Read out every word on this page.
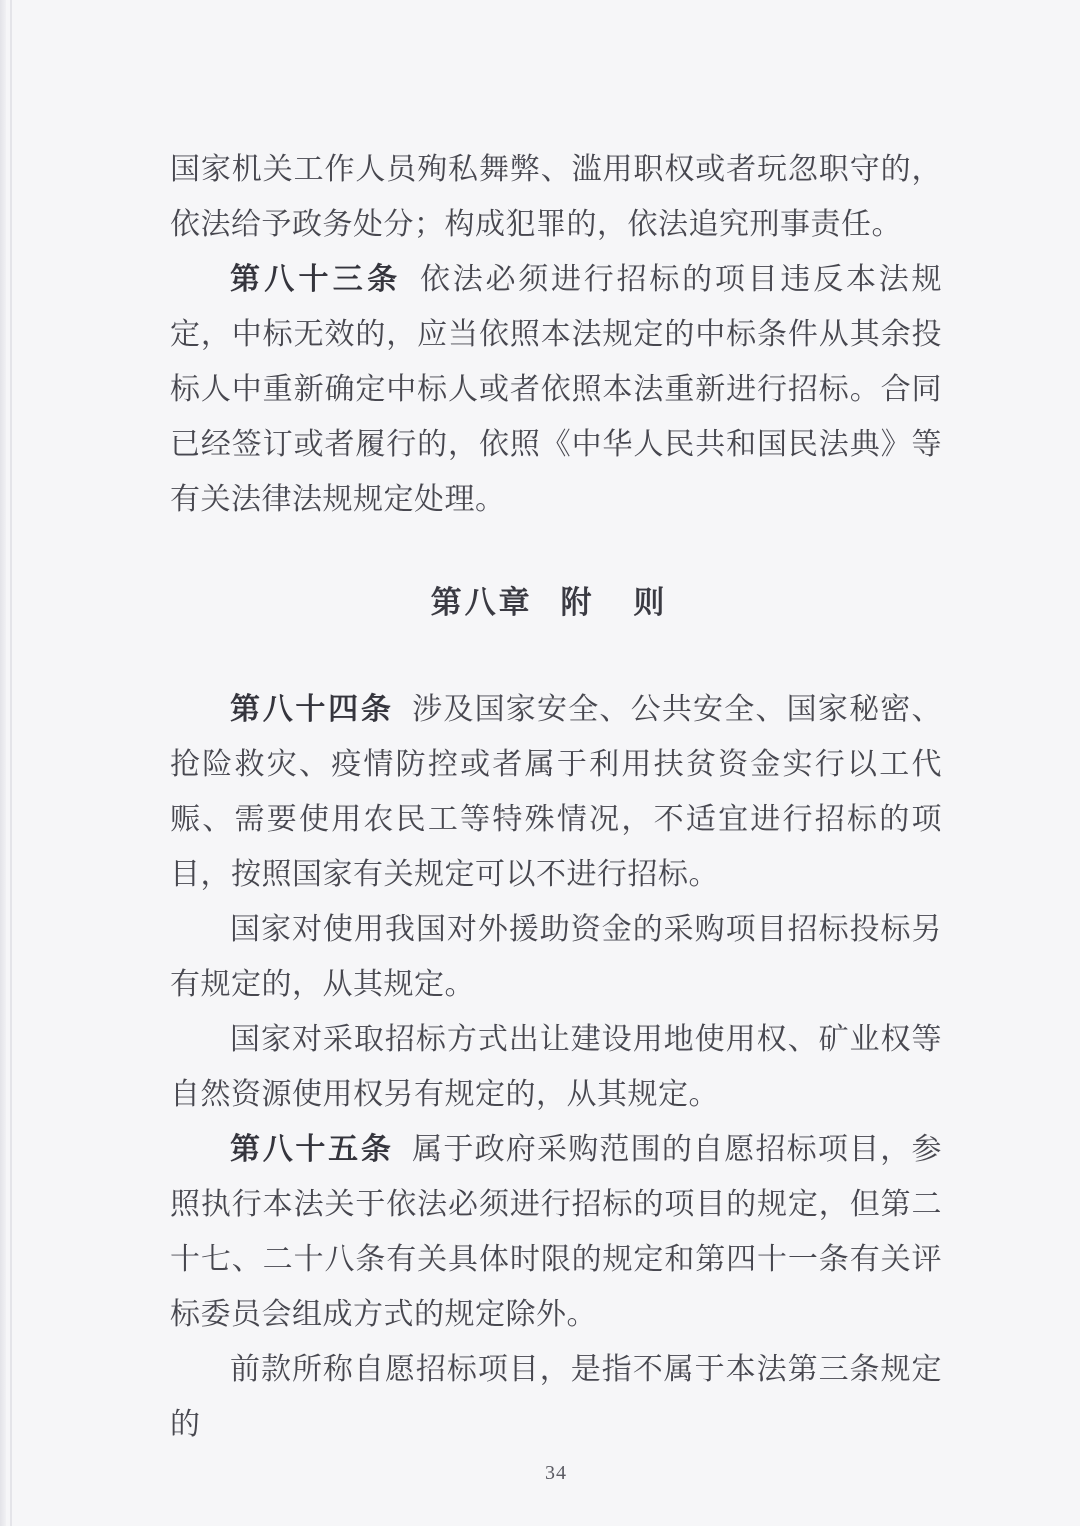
国家机关工作人员殉私舞弊、滥用职权或者玩忽职守的，依法给予政务处分；构成犯罪的，依法追究刑事责任。

第八十三条 依法必须进行招标的项目违反本法规定，中标无效的，应当依照本法规定的中标条件从其余投标人中重新确定中标人或者依照本法重新进行招标。合同已经签订或者履行的，依照《中华人民共和国民法典》等有关法律法规规定处理。

第八章 附 则

第八十四条 涉及国家安全、公共安全、国家秘密、抢险救灾、疫情防控或者属于利用扶贫资金实行以工代赈、需要使用农民工等特殊情况，不适宜进行招标的项目，按照国家有关规定可以不进行招标。

国家对使用我国对外援助资金的采购项目招标投标另有规定的，从其规定。

国家对采取招标方式出让建设用地使用权、矿业权等自然资源使用权另有规定的，从其规定。

第八十五条 属于政府采购范围的自愿招标项目，参照执行本法关于依法必须进行招标的项目的规定，但第二十七、二十八条有关具体时限的规定和第四十一条有关评标委员会组成方式的规定除外。

前款所称自愿招标项目，是指不属于本法第三条规定的

34
